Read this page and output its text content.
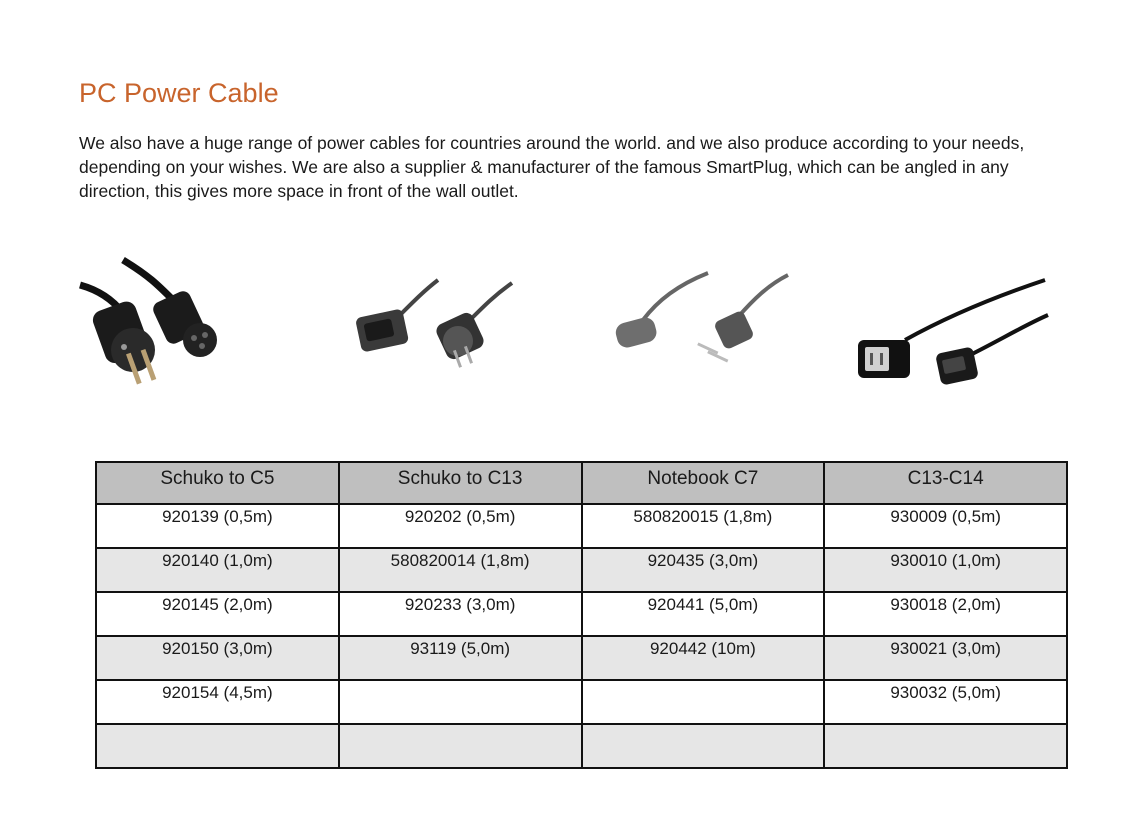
PC Power Cable
We also have a huge range of power cables for countries around the world. and we also produce according to your needs, depending on your wishes. We are also a supplier & manufacturer of the famous SmartPlug, which can be angled in any direction, this gives more space in front of the wall outlet.
Schuko to C5	Schuko to C13	Notebook C7	C13-C14
920139 (0,5m)	920202 (0,5m)	580820015 (1,8m)	930009 (0,5m)
920140 (1,0m)	580820014 (1,8m)	920435 (3,0m)	930010 (1,0m)
920145 (2,0m)	920233 (3,0m)	920441 (5,0m)	930018 (2,0m)
920150 (3,0m)	93119 (5,0m)	920442 (10m)	930021 (3,0m)
920154 (4,5m)			930032 (5,0m)
